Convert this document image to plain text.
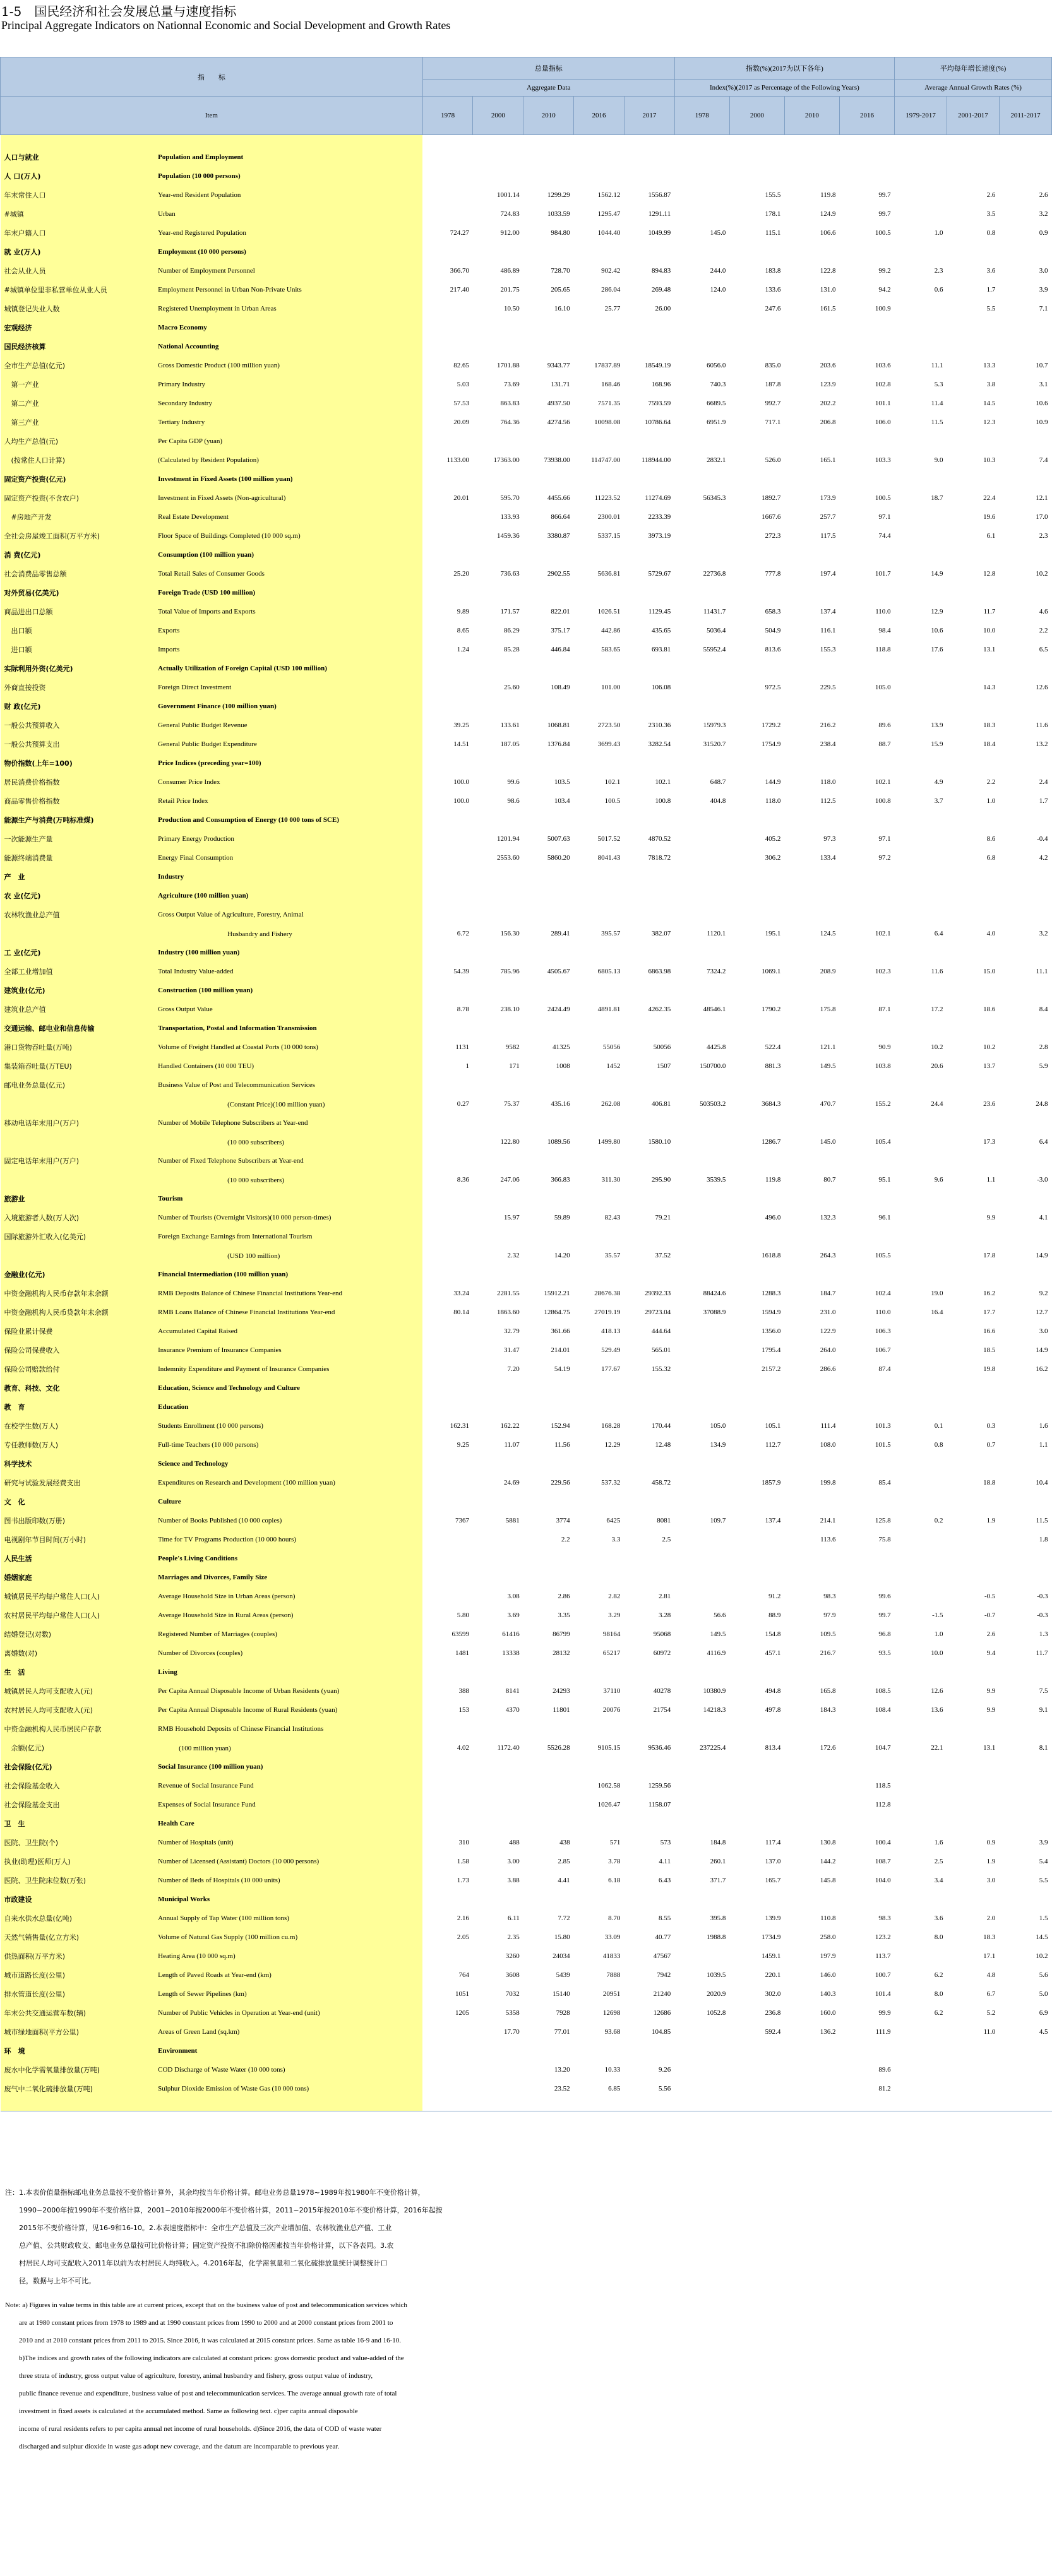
1-5　国民经济和社会发展总量与速度指标
Principal Aggregate Indicators on Nationnal Economic and Social Development and Growth Rates
指　　标		总量指标					指数(%)(2017为以下各年)				平均每年增长速度(%)		
		Aggregate Data					Index(%)(2017 as Percentage of the Following Years)				Average Annual Growth Rates (%)		
Item		1978	2000	2010	2016	2017	1978	2000	2010	2016	1979-2017	2001-2017	2011-2017

人口与就业	Population and Employment												
人 口(万人)	Population (10 000 persons)												
年末常住人口	Year-end Resident Population		1001.14	1299.29	1562.12	1556.87		155.5	119.8	99.7		2.6	2.6
#城镇	Urban		724.83	1033.59	1295.47	1291.11		178.1	124.9	99.7		3.5	3.2
年末户籍人口	Year-end Registered Population	724.27	912.00	984.80	1044.40	1049.99	145.0	115.1	106.6	100.5	1.0	0.8	0.9
就 业(万人)	Employment (10 000 persons)												
社会从业人员	Number of Employment Personnel	366.70	486.89	728.70	902.42	894.83	244.0	183.8	122.8	99.2	2.3	3.6	3.0
#城镇单位里非私营单位从业人员	Employment Personnel in Urban Non-Private Units	217.40	201.75	205.65	286.04	269.48	124.0	133.6	131.0	94.2	0.6	1.7	3.9
城镇登记失业人数	Registered Unemployment in Urban Areas		10.50	16.10	25.77	26.00		247.6	161.5	100.9		5.5	7.1
宏观经济	Macro Economy												
国民经济核算	National Accounting												
全市生产总值(亿元)	Gross Domestic Product (100 million yuan)	82.65	1701.88	9343.77	17837.89	18549.19	6056.0	835.0	203.6	103.6	11.1	13.3	10.7
　第一产业	Primary Industry	5.03	73.69	131.71	168.46	168.96	740.3	187.8	123.9	102.8	5.3	3.8	3.1
　第二产业	Secondary Industry	57.53	863.83	4937.50	7571.35	7593.59	6689.5	992.7	202.2	101.1	11.4	14.5	10.6
　第三产业	Tertiary Industry	20.09	764.36	4274.56	10098.08	10786.64	6951.9	717.1	206.8	106.0	11.5	12.3	10.9
人均生产总值(元)	Per Capita GDP (yuan)												
　(按常住人口计算)	(Calculated by Resident Population)	1133.00	17363.00	73938.00	114747.00	118944.00	2832.1	526.0	165.1	103.3	9.0	10.3	7.4
固定资产投资(亿元)	Investment in Fixed Assets (100 million yuan)												
固定资产投资(不含农户)	Investment in Fixed Assets (Non-agricultural)	20.01	595.70	4455.66	11223.52	11274.69	56345.3	1892.7	173.9	100.5	18.7	22.4	12.1
　#房地产开发	Real Estate Development		133.93	866.64	2300.01	2233.39		1667.6	257.7	97.1		19.6	17.0
全社会房屋竣工面积(万平方米)	Floor Space of Buildings Completed (10 000 sq.m)		1459.36	3380.87	5337.15	3973.19		272.3	117.5	74.4		6.1	2.3
消 费(亿元)	Consumption (100 million yuan)												
社会消费品零售总额	Total Retail Sales of Consumer Goods	25.20	736.63	2902.55	5636.81	5729.67	22736.8	777.8	197.4	101.7	14.9	12.8	10.2
对外贸易(亿美元)	Foreign Trade (USD 100 million)												
商品进出口总额	Total Value of Imports and Exports	9.89	171.57	822.01	1026.51	1129.45	11431.7	658.3	137.4	110.0	12.9	11.7	4.6
　出口额	Exports	8.65	86.29	375.17	442.86	435.65	5036.4	504.9	116.1	98.4	10.6	10.0	2.2
　进口额	Imports	1.24	85.28	446.84	583.65	693.81	55952.4	813.6	155.3	118.8	17.6	13.1	6.5
实际利用外资(亿美元)	Actually Utilization of Foreign Capital (USD 100 million)												
外商直接投资	Foreign Direct Investment		25.60	108.49	101.00	106.08		972.5	229.5	105.0		14.3	12.6
财 政(亿元)	Government Finance (100 million yuan)												
一般公共预算收入	General Public Budget Revenue	39.25	133.61	1068.81	2723.50	2310.36	15979.3	1729.2	216.2	89.6	13.9	18.3	11.6
一般公共预算支出	General Public Budget Expenditure	14.51	187.05	1376.84	3699.43	3282.54	31520.7	1754.9	238.4	88.7	15.9	18.4	13.2
物价指数(上年=100)	Price Indices (preceding year=100)												
居民消费价格指数	Consumer Price Index	100.0	99.6	103.5	102.1	102.1	648.7	144.9	118.0	102.1	4.9	2.2	2.4
商品零售价格指数	Retail Price Index	100.0	98.6	103.4	100.5	100.8	404.8	118.0	112.5	100.8	3.7	1.0	1.7
能源生产与消费(万吨标准煤)	Production and Consumption of Energy (10 000 tons of SCE)												
一次能源生产量	Primary Energy Production		1201.94	5007.63	5017.52	4870.52		405.2	97.3	97.1		8.6	-0.4
能源终端消费量	Energy Final Consumption		2553.60	5860.20	8041.43	7818.72		306.2	133.4	97.2		6.8	4.2
产　业	Industry												
农 业(亿元)	Agriculture (100 million yuan)												
农林牧渔业总产值	Gross Output Value of Agriculture, Forestry, Animal												
	　　　　　　　　　　Husbandry and Fishery	6.72	156.30	289.41	395.57	382.07	1120.1	195.1	124.5	102.1	6.4	4.0	3.2
工 业(亿元)	Industry (100 million yuan)												
全部工业增加值	Total Industry Value-added	54.39	785.96	4505.67	6805.13	6863.98	7324.2	1069.1	208.9	102.3	11.6	15.0	11.1
建筑业(亿元)	Construction (100 million yuan)												
建筑业总产值	Gross Output Value	8.78	238.10	2424.49	4891.81	4262.35	48546.1	1790.2	175.8	87.1	17.2	18.6	8.4
交通运输、邮电业和信息传输	Transportation, Postal and Information Transmission												
港口货物吞吐量(万吨)	Volume of Freight Handled at Coastal Ports (10 000 tons)	1131	9582	41325	55056	50056	4425.8	522.4	121.1	90.9	10.2	10.2	2.8
集装箱吞吐量(万TEU)	Handled Containers (10 000 TEU)	1	171	1008	1452	1507	150700.0	881.3	149.5	103.8	20.6	13.7	5.9
邮电业务总量(亿元)	Business Value of Post and Telecommunication Services												
	　　　　　　　　　　(Constant Price)(100 million yuan)	0.27	75.37	435.16	262.08	406.81	503503.2	3684.3	470.7	155.2	24.4	23.6	24.8
移动电话年末用户(万户)	Number of Mobile Telephone Subscribers at Year-end												
	　　　　　　　　　　(10 000 subscribers)		122.80	1089.56	1499.80	1580.10		1286.7	145.0	105.4		17.3	6.4
固定电话年末用户(万户)	Number of Fixed Telephone Subscribers at Year-end												
	　　　　　　　　　　(10 000 subscribers)	8.36	247.06	366.83	311.30	295.90	3539.5	119.8	80.7	95.1	9.6	1.1	-3.0
旅游业	Tourism												
入境旅游者人数(万人次)	Number of Tourists (Overnight Visitors)(10 000 person-times)		15.97	59.89	82.43	79.21		496.0	132.3	96.1		9.9	4.1
国际旅游外汇收入(亿美元)	Foreign Exchange Earnings from International Tourism												
	　　　　　　　　　　(USD 100 million)		2.32	14.20	35.57	37.52		1618.8	264.3	105.5		17.8	14.9
金融业(亿元)	Financial Intermediation (100 million yuan)												
中资金融机构人民币存款年末余额	RMB Deposits Balance of Chinese Financial Institutions Year-end	33.24	2281.55	15912.21	28676.38	29392.33	88424.6	1288.3	184.7	102.4	19.0	16.2	9.2
中资金融机构人民币贷款年末余额	RMB Loans Balance of Chinese Financial Institutions Year-end	80.14	1863.60	12864.75	27019.19	29723.04	37088.9	1594.9	231.0	110.0	16.4	17.7	12.7
保险业累计保费	Accumulated Capital Raised		32.79	361.66	418.13	444.64		1356.0	122.9	106.3		16.6	3.0
保险公司保费收入	Insurance Premium of Insurance Companies		31.47	214.01	529.49	565.01		1795.4	264.0	106.7		18.5	14.9
保险公司赔款给付	Indemnity Expenditure and Payment of Insurance Companies		7.20	54.19	177.67	155.32		2157.2	286.6	87.4		19.8	16.2
教育、科技、文化	Education, Science and Technology and Culture												
教　育	Education												
在校学生数(万人)	Students Enrollment (10 000 persons)	162.31	162.22	152.94	168.28	170.44	105.0	105.1	111.4	101.3	0.1	0.3	1.6
专任教师数(万人)	Full-time Teachers (10 000 persons)	9.25	11.07	11.56	12.29	12.48	134.9	112.7	108.0	101.5	0.8	0.7	1.1
科学技术	Science and Technology												
研究与试验发展经费支出	Expenditures on Research and Development (100 million yuan)		24.69	229.56	537.32	458.72		1857.9	199.8	85.4		18.8	10.4
文　化	Culture												
图书出版印数(万册)	Number of Books Published (10 000 copies)	7367	5881	3774	6425	8081	109.7	137.4	214.1	125.8	0.2	1.9	11.5
电视剧年节目时间(万小时)	Time for TV Programs Production (10 000 hours)			2.2	3.3	2.5			113.6	75.8			1.8
人民生活	People's Living Conditions												
婚姻家庭	Marriages and Divorces, Family Size												
城镇居民平均每户常住人口(人)	Average Household Size in Urban Areas (person)		3.08	2.86	2.82	2.81		91.2	98.3	99.6		-0.5	-0.3
农村居民平均每户常住人口(人)	Average Household Size in Rural Areas (person)	5.80	3.69	3.35	3.29	3.28	56.6	88.9	97.9	99.7	-1.5	-0.7	-0.3
结婚登记(对数)	Registered Number of Marriages (couples)	63599	61416	86799	98164	95068	149.5	154.8	109.5	96.8	1.0	2.6	1.3
离婚数(对)	Number of Divorces (couples)	1481	13338	28132	65217	60972	4116.9	457.1	216.7	93.5	10.0	9.4	11.7
生　活	Living												
城镇居民人均可支配收入(元)	Per Capita Annual Disposable Income of Urban Residents (yuan)	388	8141	24293	37110	40278	10380.9	494.8	165.8	108.5	12.6	9.9	7.5
农村居民人均可支配收入(元)	Per Capita Annual Disposable Income of Rural Residents (yuan)	153	4370	11801	20076	21754	14218.3	497.8	184.3	108.4	13.6	9.9	9.1
中资金融机构人民币居民户存款	RMB Household Deposits of Chinese Financial Institutions												
　余额(亿元)	　　　(100 million yuan)	4.02	1172.40	5526.28	9105.15	9536.46	237225.4	813.4	172.6	104.7	22.1	13.1	8.1
社会保险(亿元)	Social Insurance (100 million yuan)												
社会保险基金收入	Revenue of Social Insurance Fund				1062.58	1259.56				118.5			
社会保险基金支出	Expenses of Social Insurance Fund				1026.47	1158.07				112.8			
卫　生	Health Care												
医院、卫生院(个)	Number of Hospitals (unit)	310	488	438	571	573	184.8	117.4	130.8	100.4	1.6	0.9	3.9
执业(助理)医师(万人)	Number of Licensed (Assistant) Doctors (10 000 persons)	1.58	3.00	2.85	3.78	4.11	260.1	137.0	144.2	108.7	2.5	1.9	5.4
医院、卫生院床位数(万张)	Number of Beds of Hospitals (10 000 units)	1.73	3.88	4.41	6.18	6.43	371.7	165.7	145.8	104.0	3.4	3.0	5.5
市政建设	Municipal Works												
自来水供水总量(亿吨)	Annual Supply of Tap Water (100 million tons)	2.16	6.11	7.72	8.70	8.55	395.8	139.9	110.8	98.3	3.6	2.0	1.5
天然气销售量(亿立方米)	Volume of Natural Gas Supply (100 million cu.m)	2.05	2.35	15.80	33.09	40.77	1988.8	1734.9	258.0	123.2	8.0	18.3	14.5
供热面积(万平方米)	Heating Area (10 000 sq.m)		3260	24034	41833	47567		1459.1	197.9	113.7		17.1	10.2
城市道路长度(公里)	Length of Paved Roads at Year-end (km)	764	3608	5439	7888	7942	1039.5	220.1	146.0	100.7	6.2	4.8	5.6
排水管道长度(公里)	Length of Sewer Pipelines (km)	1051	7032	15140	20951	21240	2020.9	302.0	140.3	101.4	8.0	6.7	5.0
年末公共交通运营车数(辆)	Number of Public Vehicles in Operation at Year-end (unit)	1205	5358	7928	12698	12686	1052.8	236.8	160.0	99.9	6.2	5.2	6.9
城市绿地面积(平方公里)	Areas of Green Land (sq.km)		17.70	77.01	93.68	104.85		592.4	136.2	111.9		11.0	4.5
环　境	Environment												
废水中化学需氧量排放量(万吨)	COD Discharge of Waste Water (10 000 tons)			13.20	10.33	9.26				89.6			
废气中二氧化硫排放量(万吨)	Sulphur Dioxide Emission of Waste Gas (10 000 tons)			23.52	6.85	5.56				81.2			

注：1.本表价值量指标邮电业务总量按不变价格计算外，其余均按当年价格计算。邮电业务总量1978~1989年按1980年不变价格计算，

　　1990~2000年按1990年不变价格计算，2001~2010年按2000年不变价格计算，2011~2015年按2010年不变价格计算，2016年起按

　　2015年不变价格计算，见16-9和16-10。2.本表速度指标中：全市生产总值及三次产业增加值、农林牧渔业总产值、工业

　　总产值、公共财政收支、邮电业务总量按可比价格计算；固定资产投资不扣除价格因素按当年价格计算，以下各表同。3.农

　　村居民人均可支配收入2011年以前为农村居民人均纯收入。4.2016年起，化学需氧量和二氧化硫排放量统计调整统计口

　　径，数据与上年不可比。

Note: a) Figures in value terms in this table are at current prices, except that on the business value of post and telecommunication services which

　　are at 1980 constant prices from 1978 to 1989 and at 1990 constant prices from 1990 to 2000 and at 2000 constant prices from 2001 to

　　2010 and at 2010 constant prices from 2011 to 2015. Since 2016, it was calculated at 2015 constant prices. Same as table 16-9 and 16-10.

　　b)The indices and growth rates of the following indicators are calculated at constant prices: gross domestic product and value-added of the

　　three strata of industry, gross output value of agriculture, forestry, animal husbandry and fishery, gross output value of industry,

　　public finance revenue and expenditure, business value of post and telecommunication services. The average annual growth rate of total

　　investment in fixed assets is calculated at the accumulated method. Same as following text. c)per capita annual disposable

　　income of rural residents refers to per capita annual net income of rural households. d)Since 2016, the data of COD of waste water

　　discharged and sulphur dioxide in waste gas adopt new coverage, and the datum are incomparable to previous year.
